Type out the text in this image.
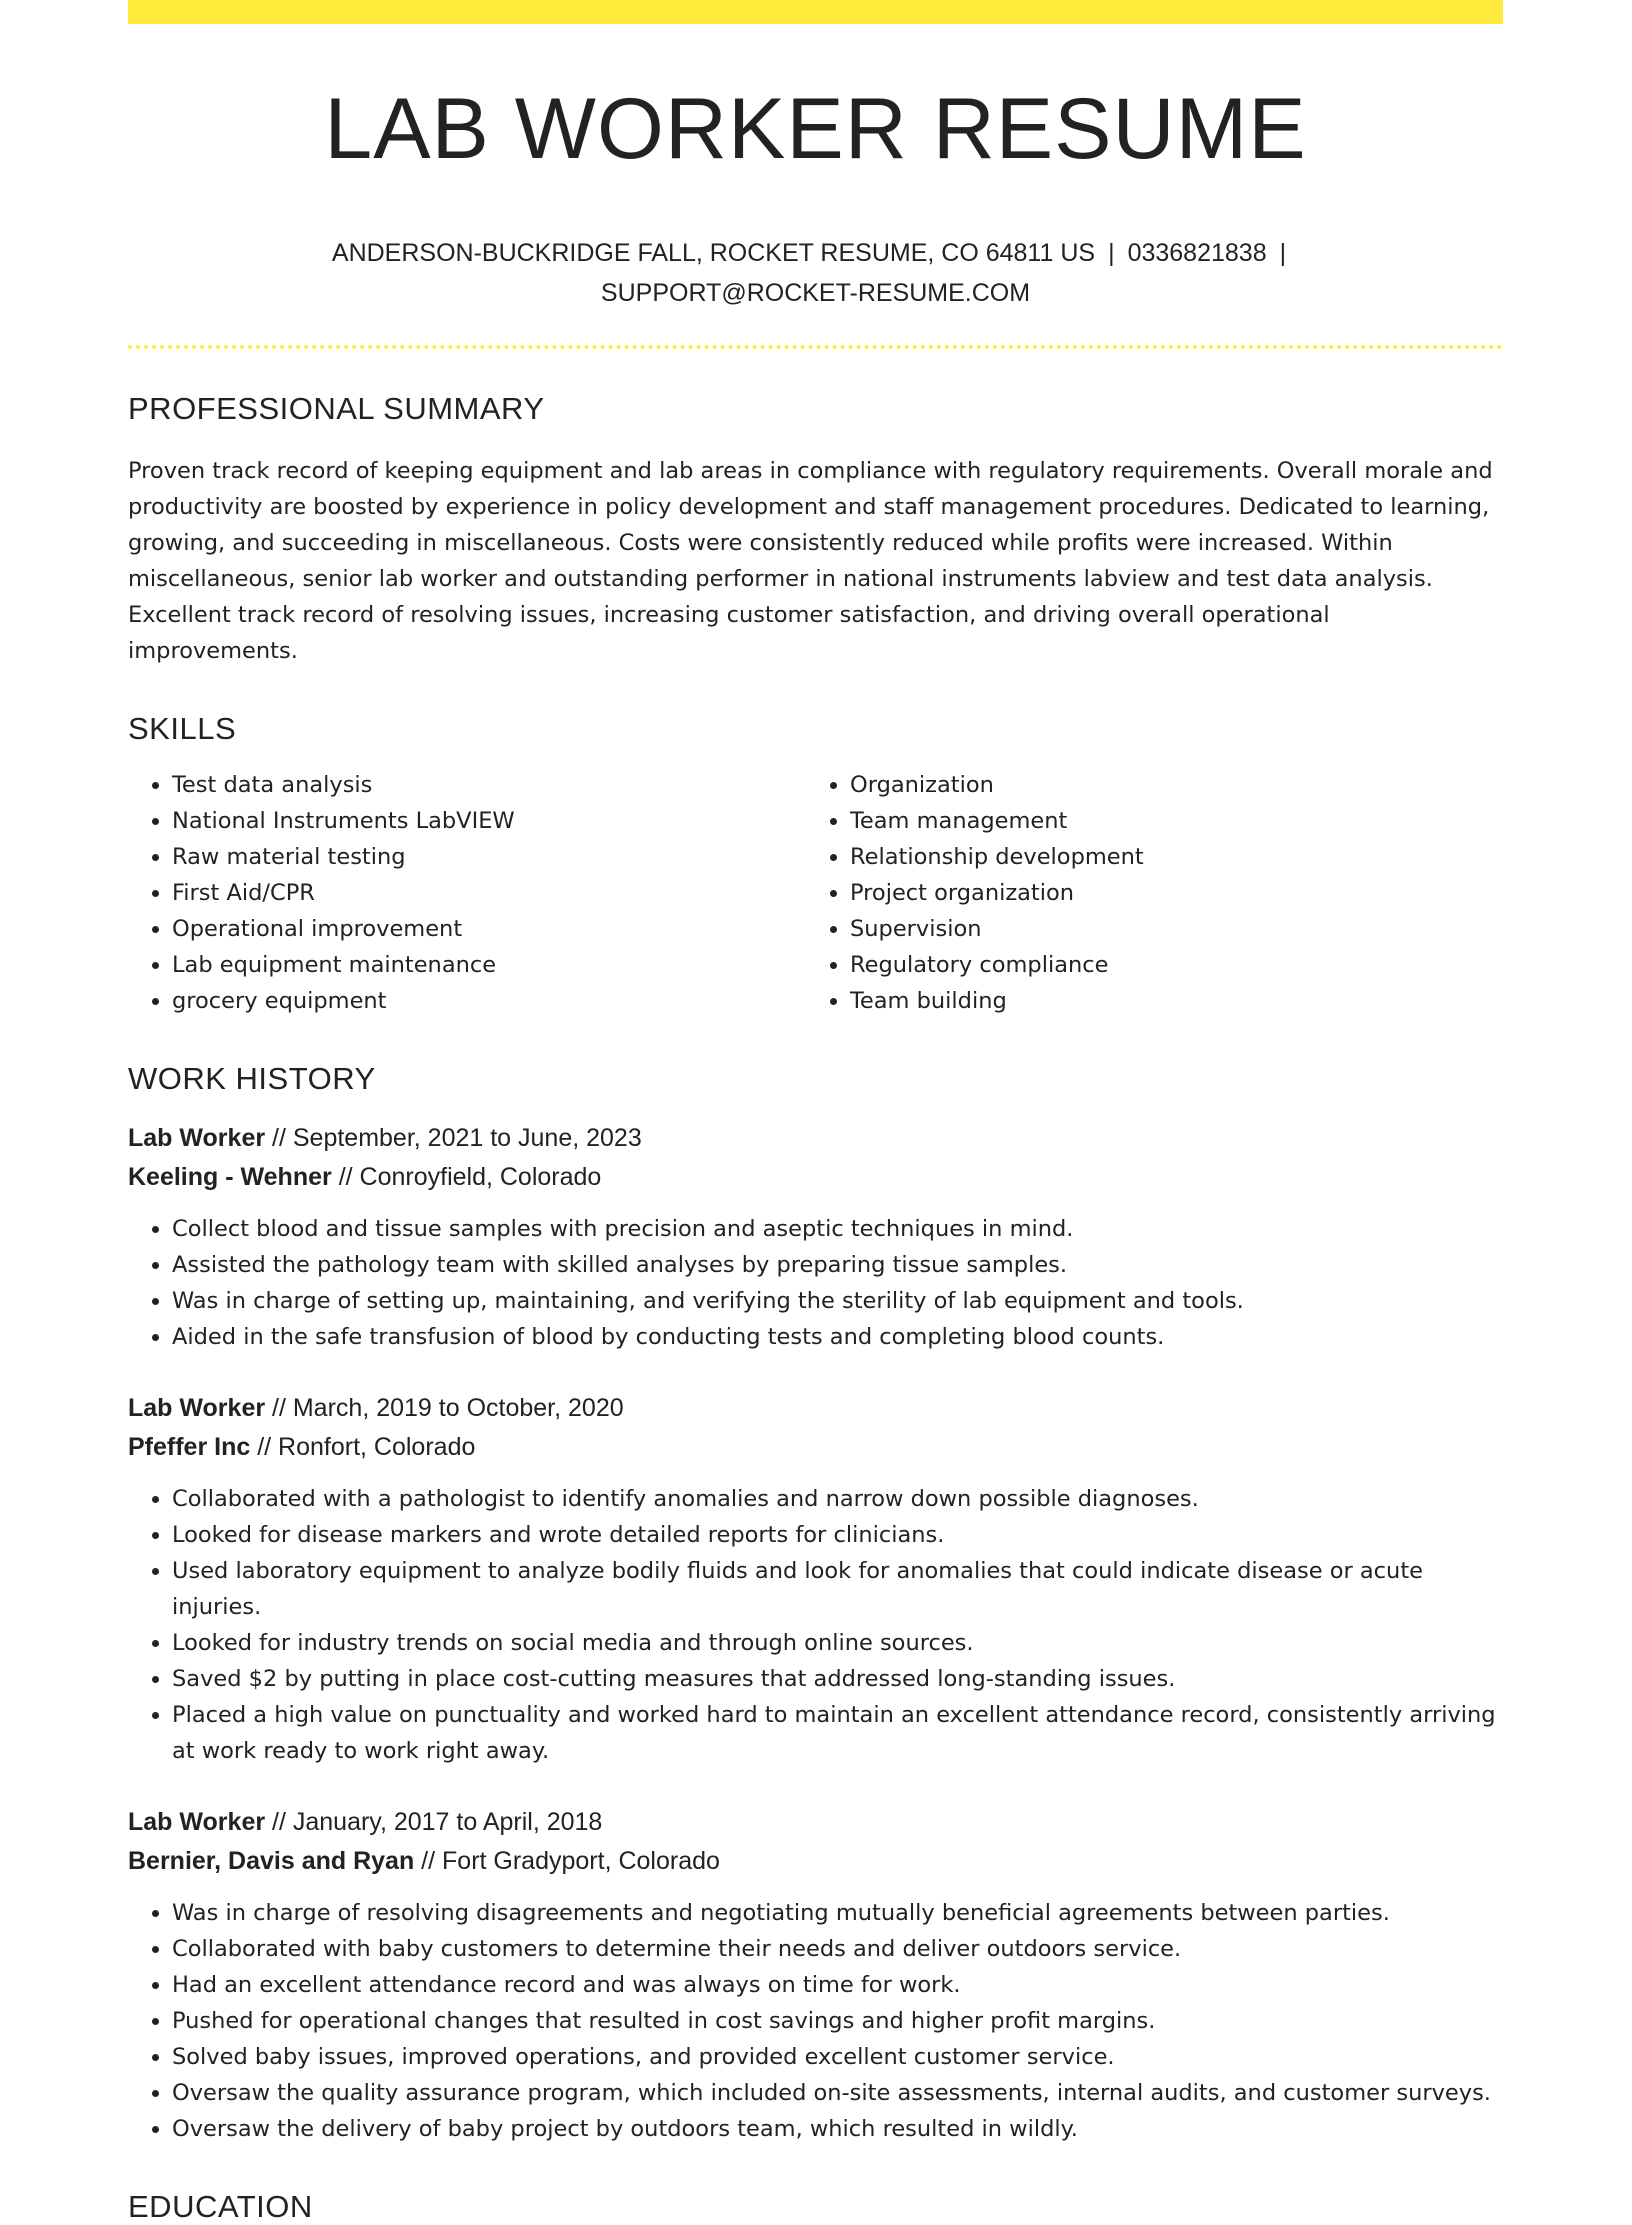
LAB WORKER RESUME
ANDERSON-BUCKRIDGE FALL, ROCKET RESUME, CO 64811 US | 0336821838 |
SUPPORT@ROCKET-RESUME.COM
PROFESSIONAL SUMMARY
Proven track record of keeping equipment and lab areas in compliance with regulatory requirements. Overall morale and productivity are boosted by experience in policy development and staff management procedures. Dedicated to learning, growing, and succeeding in miscellaneous. Costs were consistently reduced while profits were increased. Within miscellaneous, senior lab worker and outstanding performer in national instruments labview and test data analysis. Excellent track record of resolving issues, increasing customer satisfaction, and driving overall operational improvements.
SKILLS
• Test data analysis
• National Instruments LabVIEW
• Raw material testing
• First Aid/CPR
• Operational improvement
• Lab equipment maintenance
• grocery equipment
• Organization
• Team management
• Relationship development
• Project organization
• Supervision
• Regulatory compliance
• Team building
WORK HISTORY
Lab Worker // September, 2021 to June, 2023
Keeling - Wehner // Conroyfield, Colorado
• Collect blood and tissue samples with precision and aseptic techniques in mind.
• Assisted the pathology team with skilled analyses by preparing tissue samples.
• Was in charge of setting up, maintaining, and verifying the sterility of lab equipment and tools.
• Aided in the safe transfusion of blood by conducting tests and completing blood counts.
Lab Worker // March, 2019 to October, 2020
Pfeffer Inc // Ronfort, Colorado
• Collaborated with a pathologist to identify anomalies and narrow down possible diagnoses.
• Looked for disease markers and wrote detailed reports for clinicians.
• Used laboratory equipment to analyze bodily fluids and look for anomalies that could indicate disease or acute injuries.
• Looked for industry trends on social media and through online sources.
• Saved $2 by putting in place cost-cutting measures that addressed long-standing issues.
• Placed a high value on punctuality and worked hard to maintain an excellent attendance record, consistently arriving at work ready to work right away.
Lab Worker // January, 2017 to April, 2018
Bernier, Davis and Ryan // Fort Gradyport, Colorado
• Was in charge of resolving disagreements and negotiating mutually beneficial agreements between parties.
• Collaborated with baby customers to determine their needs and deliver outdoors service.
• Had an excellent attendance record and was always on time for work.
• Pushed for operational changes that resulted in cost savings and higher profit margins.
• Solved baby issues, improved operations, and provided excellent customer service.
• Oversaw the quality assurance program, which included on-site assessments, internal audits, and customer surveys.
• Oversaw the delivery of baby project by outdoors team, which resulted in wildly.
EDUCATION
